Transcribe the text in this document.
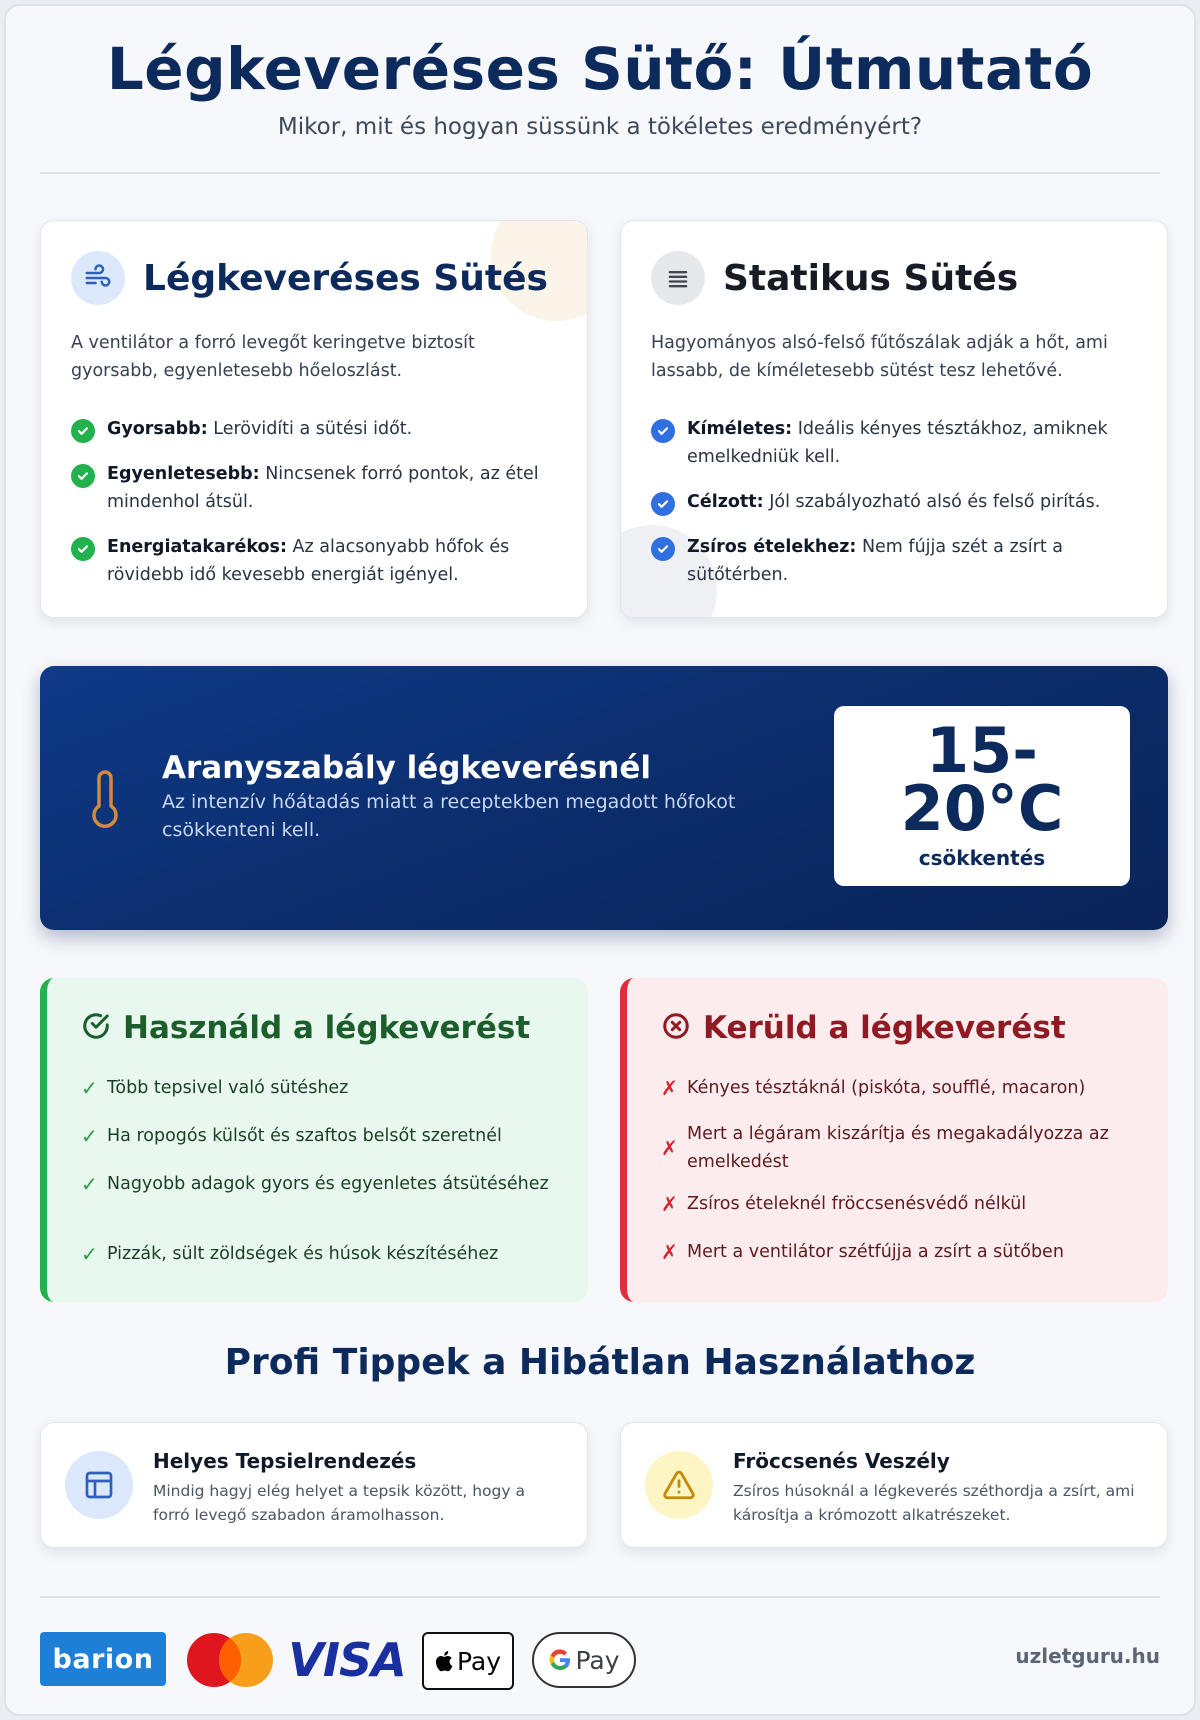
Légkeveréses Sütő: Útmutató
Mikor, mit és hogyan süssünk a tökéletes eredményért?
Légkeveréses Sütés
A ventilátor a forró levegőt keringetve biztosít gyorsabb, egyenletesebb hőeloszlást.
Gyorsabb: Lerövidíti a sütési időt.
Egyenletesebb: Nincsenek forró pontok, az étel mindenhol átsül.
Energiatakarékos: Az alacsonyabb hőfok és rövidebb idő kevesebb energiát igényel.
Statikus Sütés
Hagyományos alsó-felső fűtőszálak adják a hőt, ami lassabb, de kíméletesebb sütést tesz lehetővé.
Kíméletes: Ideális kényes tésztákhoz, amiknek emelkedniük kell.
Célzott: Jól szabályozható alsó és felső pirítás.
Zsíros ételekhez: Nem fújja szét a zsírt a sütőtérben.
Aranyszabály légkeverésnél
Az intenzív hőátadás miatt a receptekben megadott hőfokot csökkenteni kell.
15-
20°C
csökkentés
Használd a légkeverést
✓ Több tepsivel való sütéshez
✓ Ha ropogós külsőt és szaftos belsőt szeretnél
✓ Nagyobb adagok gyors és egyenletes átsütéséhez
✓ Pizzák, sült zöldségek és húsok készítéséhez
Kerüld a légkeverést
✗ Kényes tésztáknál (piskóta, soufflé, macaron)
✗
Mert a légáram kiszárítja és megakadályozza az emelkedést
✗ Zsíros ételeknél fröccsenésvédő nélkül
✗ Mert a ventilátor szétfújja a zsírt a sütőben
Profi Tippek a Hibátlan Használathoz
Helyes Tepsielrendezés
Mindig hagyj elég helyet a tepsik között, hogy a forró levegő szabadon áramolhasson.
Fröccsenés Veszély
Zsíros húsoknál a légkeverés széthordja a zsírt, ami károsítja a krómozott alkatrészeket.
barion	VISA Pay	Pay	uzletguru.hu
